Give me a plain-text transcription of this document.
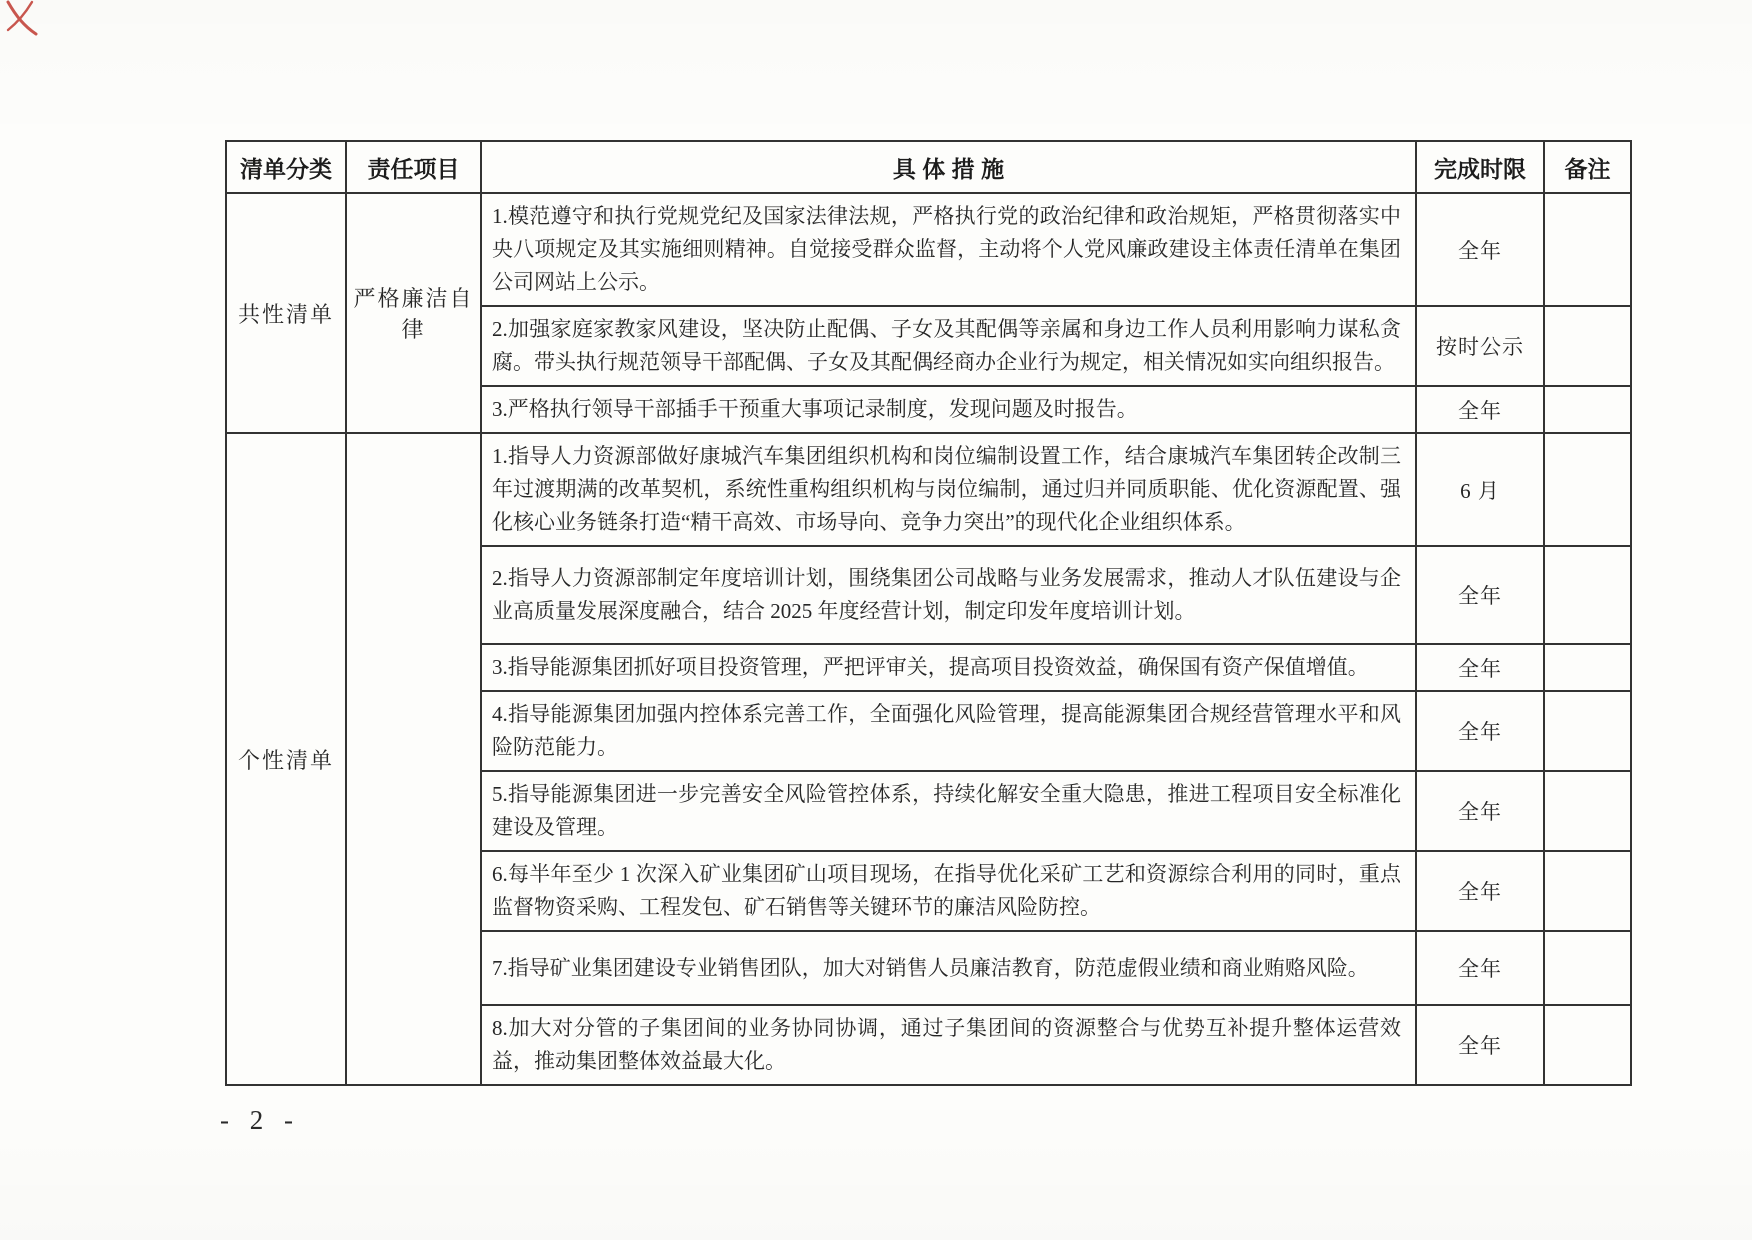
清单分类	责任项目	具 体 措 施	完成时限	备注
共性清单	严格廉洁自律	1.模范遵守和执行党规党纪及国家法律法规，严格执行党的政治纪律和政治规矩，严格贯彻落实中央八项规定及其实施细则精神。自觉接受群众监督，主动将个人党风廉政建设主体责任清单在集团公司网站上公示。	全年	
		2.加强家庭家教家风建设，坚决防止配偶、子女及其配偶等亲属和身边工作人员利用影响力谋私贪腐。带头执行规范领导干部配偶、子女及其配偶经商办企业行为规定，相关情况如实向组织报告。	按时公示	
		3.严格执行领导干部插手干预重大事项记录制度，发现问题及时报告。	全年	
个性清单		1.指导人力资源部做好康城汽车集团组织机构和岗位编制设置工作，结合康城汽车集团转企改制三年过渡期满的改革契机，系统性重构组织机构与岗位编制，通过归并同质职能、优化资源配置、强化核心业务链条打造“精干高效、市场导向、竞争力突出”的现代化企业组织体系。	6 月	
		2.指导人力资源部制定年度培训计划，围绕集团公司战略与业务发展需求，推动人才队伍建设与企业高质量发展深度融合，结合 2025 年度经营计划，制定印发年度培训计划。	全年	
		3.指导能源集团抓好项目投资管理，严把评审关，提高项目投资效益，确保国有资产保值增值。	全年	
		4.指导能源集团加强内控体系完善工作，全面强化风险管理，提高能源集团合规经营管理水平和风险防范能力。	全年	
		5.指导能源集团进一步完善安全风险管控体系，持续化解安全重大隐患，推进工程项目安全标准化建设及管理。	全年	
		6.每半年至少 1 次深入矿业集团矿山项目现场，在指导优化采矿工艺和资源综合利用的同时，重点监督物资采购、工程发包、矿石销售等关键环节的廉洁风险防控。	全年	
		7.指导矿业集团建设专业销售团队，加大对销售人员廉洁教育，防范虚假业绩和商业贿赂风险。	全年	
		8.加大对分管的子集团间的业务协同协调，通过子集团间的资源整合与优势互补提升整体运营效益，推动集团整体效益最大化。	全年	
- 2 -
